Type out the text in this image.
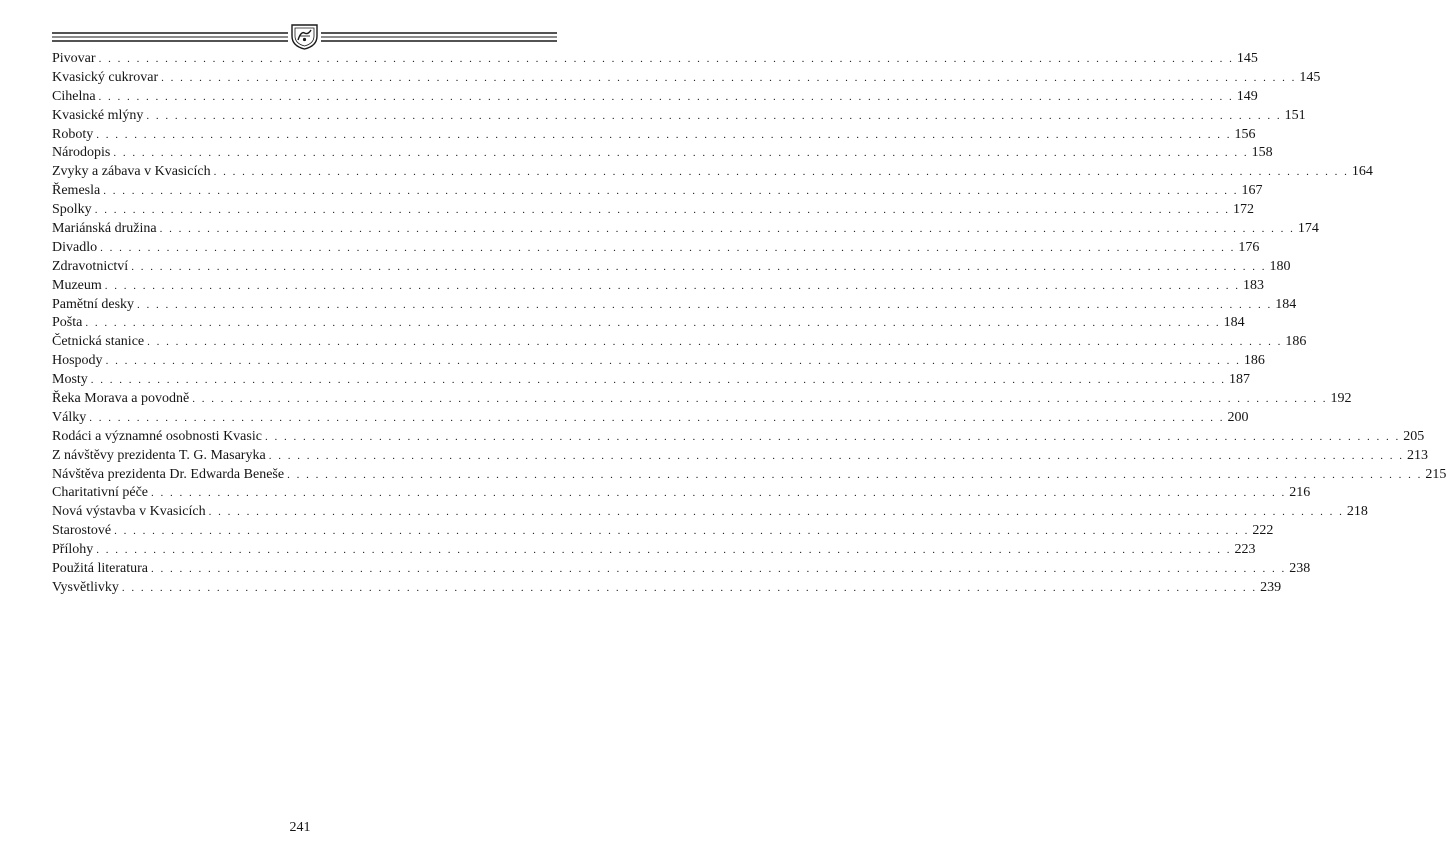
Pivovar . . . . . . . . . . . . . . . . . . . . . . . . . . . . . . . . . . . . . . . . . . . . . . . . . . . . . . . . . . . . . . . . . . . . . . . . . . . . . . . . . . . . . . . . . . . . . . . . . . . . . . . . . . . . . . . . . . . . . . . . 145
Kvasický cukrovar . . . . . . . . . . . . . . . . . . . . . . . . . . . . . . . . . . . . . . . . . . . . . . . . . . . . . . . . . . . . . . . . . . . . . . . . . . . . . . . . . . . . . . . . . . . . . . . . . . . . . . . . . . . . . . . . . . . . . . . . 145
Cihelna . . . . . . . . . . . . . . . . . . . . . . . . . . . . . . . . . . . . . . . . . . . . . . . . . . . . . . . . . . . . . . . . . . . . . . . . . . . . . . . . . . . . . . . . . . . . . . . . . . . . . . . . . . . . . . . . . . . . . . . . 149
Kvasické mlýny . . . . . . . . . . . . . . . . . . . . . . . . . . . . . . . . . . . . . . . . . . . . . . . . . . . . . . . . . . . . . . . . . . . . . . . . . . . . . . . . . . . . . . . . . . . . . . . . . . . . . . . . . . . . . . . . . . . . . . . . 151
Roboty . . . . . . . . . . . . . . . . . . . . . . . . . . . . . . . . . . . . . . . . . . . . . . . . . . . . . . . . . . . . . . . . . . . . . . . . . . . . . . . . . . . . . . . . . . . . . . . . . . . . . . . . . . . . . . . . . . . . . . . . 156
Národopis . . . . . . . . . . . . . . . . . . . . . . . . . . . . . . . . . . . . . . . . . . . . . . . . . . . . . . . . . . . . . . . . . . . . . . . . . . . . . . . . . . . . . . . . . . . . . . . . . . . . . . . . . . . . . . . . . . . . . . . . 158
Zvyky a zábava v Kvasicích . . . . . . . . . . . . . . . . . . . . . . . . . . . . . . . . . . . . . . . . . . . . . . . . . . . . . . . . . . . . . . . . . . . . . . . . . . . . . . . . . . . . . . . . . . . . . . . . . . . . . . . . . . . . . . . . . . . . . . . . 164
Řemesla . . . . . . . . . . . . . . . . . . . . . . . . . . . . . . . . . . . . . . . . . . . . . . . . . . . . . . . . . . . . . . . . . . . . . . . . . . . . . . . . . . . . . . . . . . . . . . . . . . . . . . . . . . . . . . . . . . . . . . . . 167
Spolky . . . . . . . . . . . . . . . . . . . . . . . . . . . . . . . . . . . . . . . . . . . . . . . . . . . . . . . . . . . . . . . . . . . . . . . . . . . . . . . . . . . . . . . . . . . . . . . . . . . . . . . . . . . . . . . . . . . . . . . . 172
Mariánská družina . . . . . . . . . . . . . . . . . . . . . . . . . . . . . . . . . . . . . . . . . . . . . . . . . . . . . . . . . . . . . . . . . . . . . . . . . . . . . . . . . . . . . . . . . . . . . . . . . . . . . . . . . . . . . . . . . . . . . . . . 174
Divadlo . . . . . . . . . . . . . . . . . . . . . . . . . . . . . . . . . . . . . . . . . . . . . . . . . . . . . . . . . . . . . . . . . . . . . . . . . . . . . . . . . . . . . . . . . . . . . . . . . . . . . . . . . . . . . . . . . . . . . . . . 176
Zdravotnictví . . . . . . . . . . . . . . . . . . . . . . . . . . . . . . . . . . . . . . . . . . . . . . . . . . . . . . . . . . . . . . . . . . . . . . . . . . . . . . . . . . . . . . . . . . . . . . . . . . . . . . . . . . . . . . . . . . . . . . . . 180
Muzeum . . . . . . . . . . . . . . . . . . . . . . . . . . . . . . . . . . . . . . . . . . . . . . . . . . . . . . . . . . . . . . . . . . . . . . . . . . . . . . . . . . . . . . . . . . . . . . . . . . . . . . . . . . . . . . . . . . . . . . . . 183
Pamětní desky . . . . . . . . . . . . . . . . . . . . . . . . . . . . . . . . . . . . . . . . . . . . . . . . . . . . . . . . . . . . . . . . . . . . . . . . . . . . . . . . . . . . . . . . . . . . . . . . . . . . . . . . . . . . . . . . . . . . . . . . 184
Pošta . . . . . . . . . . . . . . . . . . . . . . . . . . . . . . . . . . . . . . . . . . . . . . . . . . . . . . . . . . . . . . . . . . . . . . . . . . . . . . . . . . . . . . . . . . . . . . . . . . . . . . . . . . . . . . . . . . . . . . . . 184
Četnická stanice . . . . . . . . . . . . . . . . . . . . . . . . . . . . . . . . . . . . . . . . . . . . . . . . . . . . . . . . . . . . . . . . . . . . . . . . . . . . . . . . . . . . . . . . . . . . . . . . . . . . . . . . . . . . . . . . . . . . . . . . 186
Hospody . . . . . . . . . . . . . . . . . . . . . . . . . . . . . . . . . . . . . . . . . . . . . . . . . . . . . . . . . . . . . . . . . . . . . . . . . . . . . . . . . . . . . . . . . . . . . . . . . . . . . . . . . . . . . . . . . . . . . . . . 186
Mosty . . . . . . . . . . . . . . . . . . . . . . . . . . . . . . . . . . . . . . . . . . . . . . . . . . . . . . . . . . . . . . . . . . . . . . . . . . . . . . . . . . . . . . . . . . . . . . . . . . . . . . . . . . . . . . . . . . . . . . . . 187
Řeka Morava a povodně . . . . . . . . . . . . . . . . . . . . . . . . . . . . . . . . . . . . . . . . . . . . . . . . . . . . . . . . . . . . . . . . . . . . . . . . . . . . . . . . . . . . . . . . . . . . . . . . . . . . . . . . . . . . . . . . . . . . . . . . 192
Války . . . . . . . . . . . . . . . . . . . . . . . . . . . . . . . . . . . . . . . . . . . . . . . . . . . . . . . . . . . . . . . . . . . . . . . . . . . . . . . . . . . . . . . . . . . . . . . . . . . . . . . . . . . . . . . . . . . . . . . . 200
Rodáci a významné osobnosti Kvasic . . . . . . . . . . . . . . . . . . . . . . . . . . . . . . . . . . . . . . . . . . . . . . . . . . . . . . . . . . . . . . . . . . . . . . . . . . . . . . . . . . . . . . . . . . . . . . . . . . . . . . . . . . . . . . . . . . . . . . . . 205
Z návštěvy prezidenta T. G. Masaryka . . . . . . . . . . . . . . . . . . . . . . . . . . . . . . . . . . . . . . . . . . . . . . . . . . . . . . . . . . . . . . . . . . . . . . . . . . . . . . . . . . . . . . . . . . . . . . . . . . . . . . . . . . . . . . . . . . . . . . . . 213
Návštěva prezidenta Dr. Edwarda Beneše . . . . . . . . . . . . . . . . . . . . . . . . . . . . . . . . . . . . . . . . . . . . . . . . . . . . . . . . . . . . . . . . . . . . . . . . . . . . . . . . . . . . . . . . . . . . . . . . . . . . . . . . . . . . . . . . . . . . . . . . 215
Charitativní péče . . . . . . . . . . . . . . . . . . . . . . . . . . . . . . . . . . . . . . . . . . . . . . . . . . . . . . . . . . . . . . . . . . . . . . . . . . . . . . . . . . . . . . . . . . . . . . . . . . . . . . . . . . . . . . . . . . . . . . . . 216
Nová výstavba v Kvasicích . . . . . . . . . . . . . . . . . . . . . . . . . . . . . . . . . . . . . . . . . . . . . . . . . . . . . . . . . . . . . . . . . . . . . . . . . . . . . . . . . . . . . . . . . . . . . . . . . . . . . . . . . . . . . . . . . . . . . . . . 218
Starostové . . . . . . . . . . . . . . . . . . . . . . . . . . . . . . . . . . . . . . . . . . . . . . . . . . . . . . . . . . . . . . . . . . . . . . . . . . . . . . . . . . . . . . . . . . . . . . . . . . . . . . . . . . . . . . . . . . . . . . . . 222
Přílohy . . . . . . . . . . . . . . . . . . . . . . . . . . . . . . . . . . . . . . . . . . . . . . . . . . . . . . . . . . . . . . . . . . . . . . . . . . . . . . . . . . . . . . . . . . . . . . . . . . . . . . . . . . . . . . . . . . . . . . . . 223
Použitá literatura . . . . . . . . . . . . . . . . . . . . . . . . . . . . . . . . . . . . . . . . . . . . . . . . . . . . . . . . . . . . . . . . . . . . . . . . . . . . . . . . . . . . . . . . . . . . . . . . . . . . . . . . . . . . . . . . . . . . . . . . 238
Vysvětlivky . . . . . . . . . . . . . . . . . . . . . . . . . . . . . . . . . . . . . . . . . . . . . . . . . . . . . . . . . . . . . . . . . . . . . . . . . . . . . . . . . . . . . . . . . . . . . . . . . . . . . . . . . . . . . . . . . . . . . . . . 239
241
